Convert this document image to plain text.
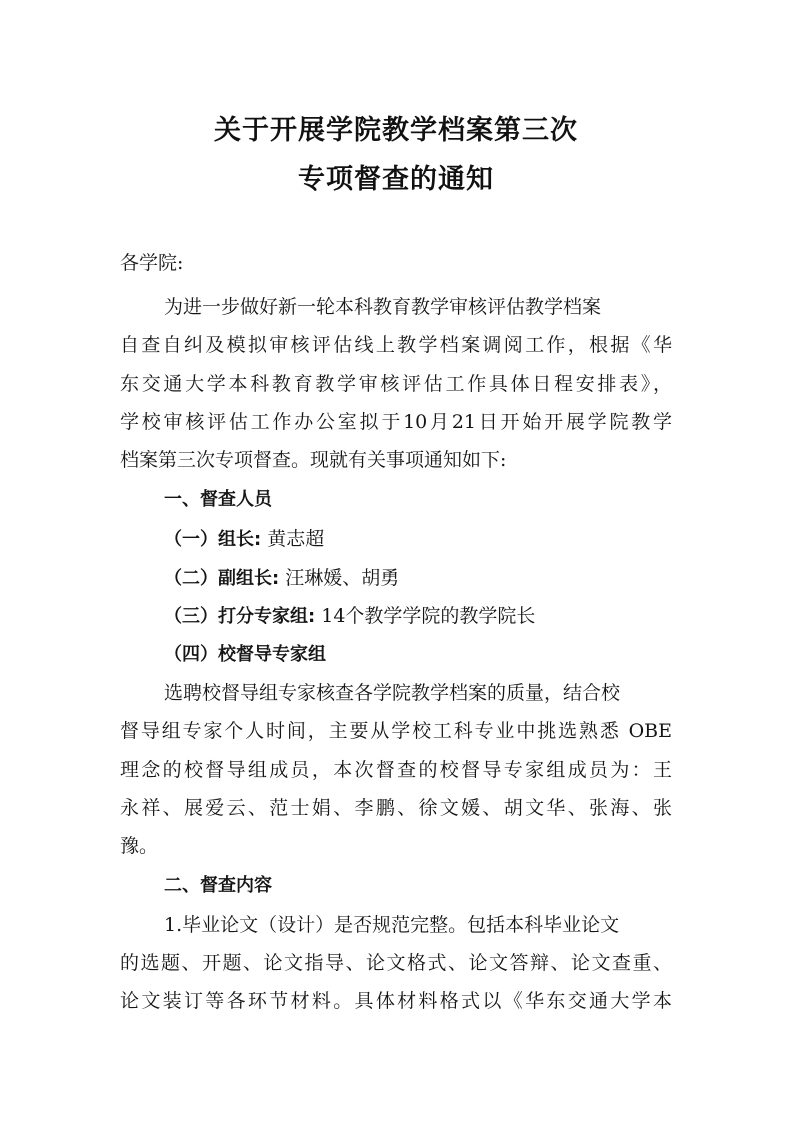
关于开展学院教学档案第三次
专项督查的通知
各学院:
为进一步做好新一轮本科教育教学审核评估教学档案
自查自纠及模拟审核评估线上教学档案调阅工作，根据《华
东交通大学本科教育教学审核评估工作具体日程安排表》，
学校审核评估工作办公室拟于10月21日开始开展学院教学
档案第三次专项督查。现就有关事项通知如下:
一、督查人员
（一）组长: 黄志超
（二）副组长: 汪琳媛、胡勇
（三）打分专家组: 14个教学学院的教学院长
（四）校督导专家组
选聘校督导组专家核查各学院教学档案的质量，结合校
督导组专家个人时间，主要从学校工科专业中挑选熟悉 OBE
理念的校督导组成员，本次督查的校督导专家组成员为：王
永祥、展爱云、范士娟、李鹏、徐文媛、胡文华、张海、张
豫。
二、督查内容
1.毕业论文（设计）是否规范完整。包括本科毕业论文
的选题、开题、论文指导、论文格式、论文答辩、论文查重、
论文装订等各环节材料。具体材料格式以《华东交通大学本
